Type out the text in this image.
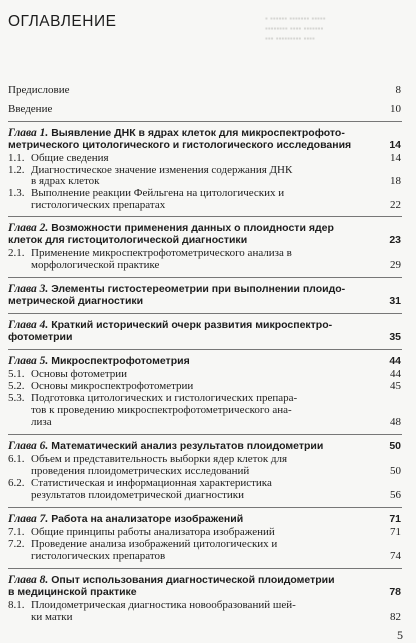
▪ ▪▪▪▪▪▪ ▪▪▪▪▪▪▪ ▪▪▪▪▪
▪▪▪▪▪▪▪▪ ▪▪▪▪ ▪▪▪▪▪▪▪
▪▪▪ ▪▪▪▪▪▪▪▪▪ ▪▪▪▪
ОГЛАВЛЕНИЕ
Предисловие	8
Введение	10
Глава 1. Выявление ДНК в ядрах клеток для микроспектрофото-
метрического цитологического и гистологического исследования	14
1.1. Общие сведения	14
1.2. Диагностическое значение изменения содержания ДНК
в ядрах клеток	18
1.3. Выполнение реакции Фейльгена на цитологических и
гистологических препаратах	22
Глава 2. Возможности применения данных о плоидности ядер
клеток для гистоцитологической диагностики	23
2.1. Применение микроспектрофотометрического анализа в
морфологической практике	29
Глава 3. Элементы гистостереометрии при выполнении плоидо-
метрической диагностики	31
Глава 4. Краткий исторический очерк развития микроспектро-
фотометрии	35
Глава 5. Микроспектрофотометрия	44
5.1. Основы фотометрии	44
5.2. Основы микроспектрофотометрии	45
5.3. Подготовка цитологических и гистологических препара-
тов к проведению микроспектрофотометрического ана-
лиза	48
Глава 6. Математический анализ результатов плоидометрии	50
6.1. Объем и представительность выборки ядер клеток для
проведения плоидометрических исследований	50
6.2. Статистическая и информационная характеристика
результатов плоидометрической диагностики	56
Глава 7. Работа на анализаторе изображений	71
7.1. Общие принципы работы анализатора изображений	71
7.2. Проведение анализа изображений цитологических и
гистологических препаратов	74
Глава 8. Опыт использования диагностической плоидометрии
в медицинской практике	78
8.1. Плоидометрическая диагностика новообразований шей-
ки матки	82
5
